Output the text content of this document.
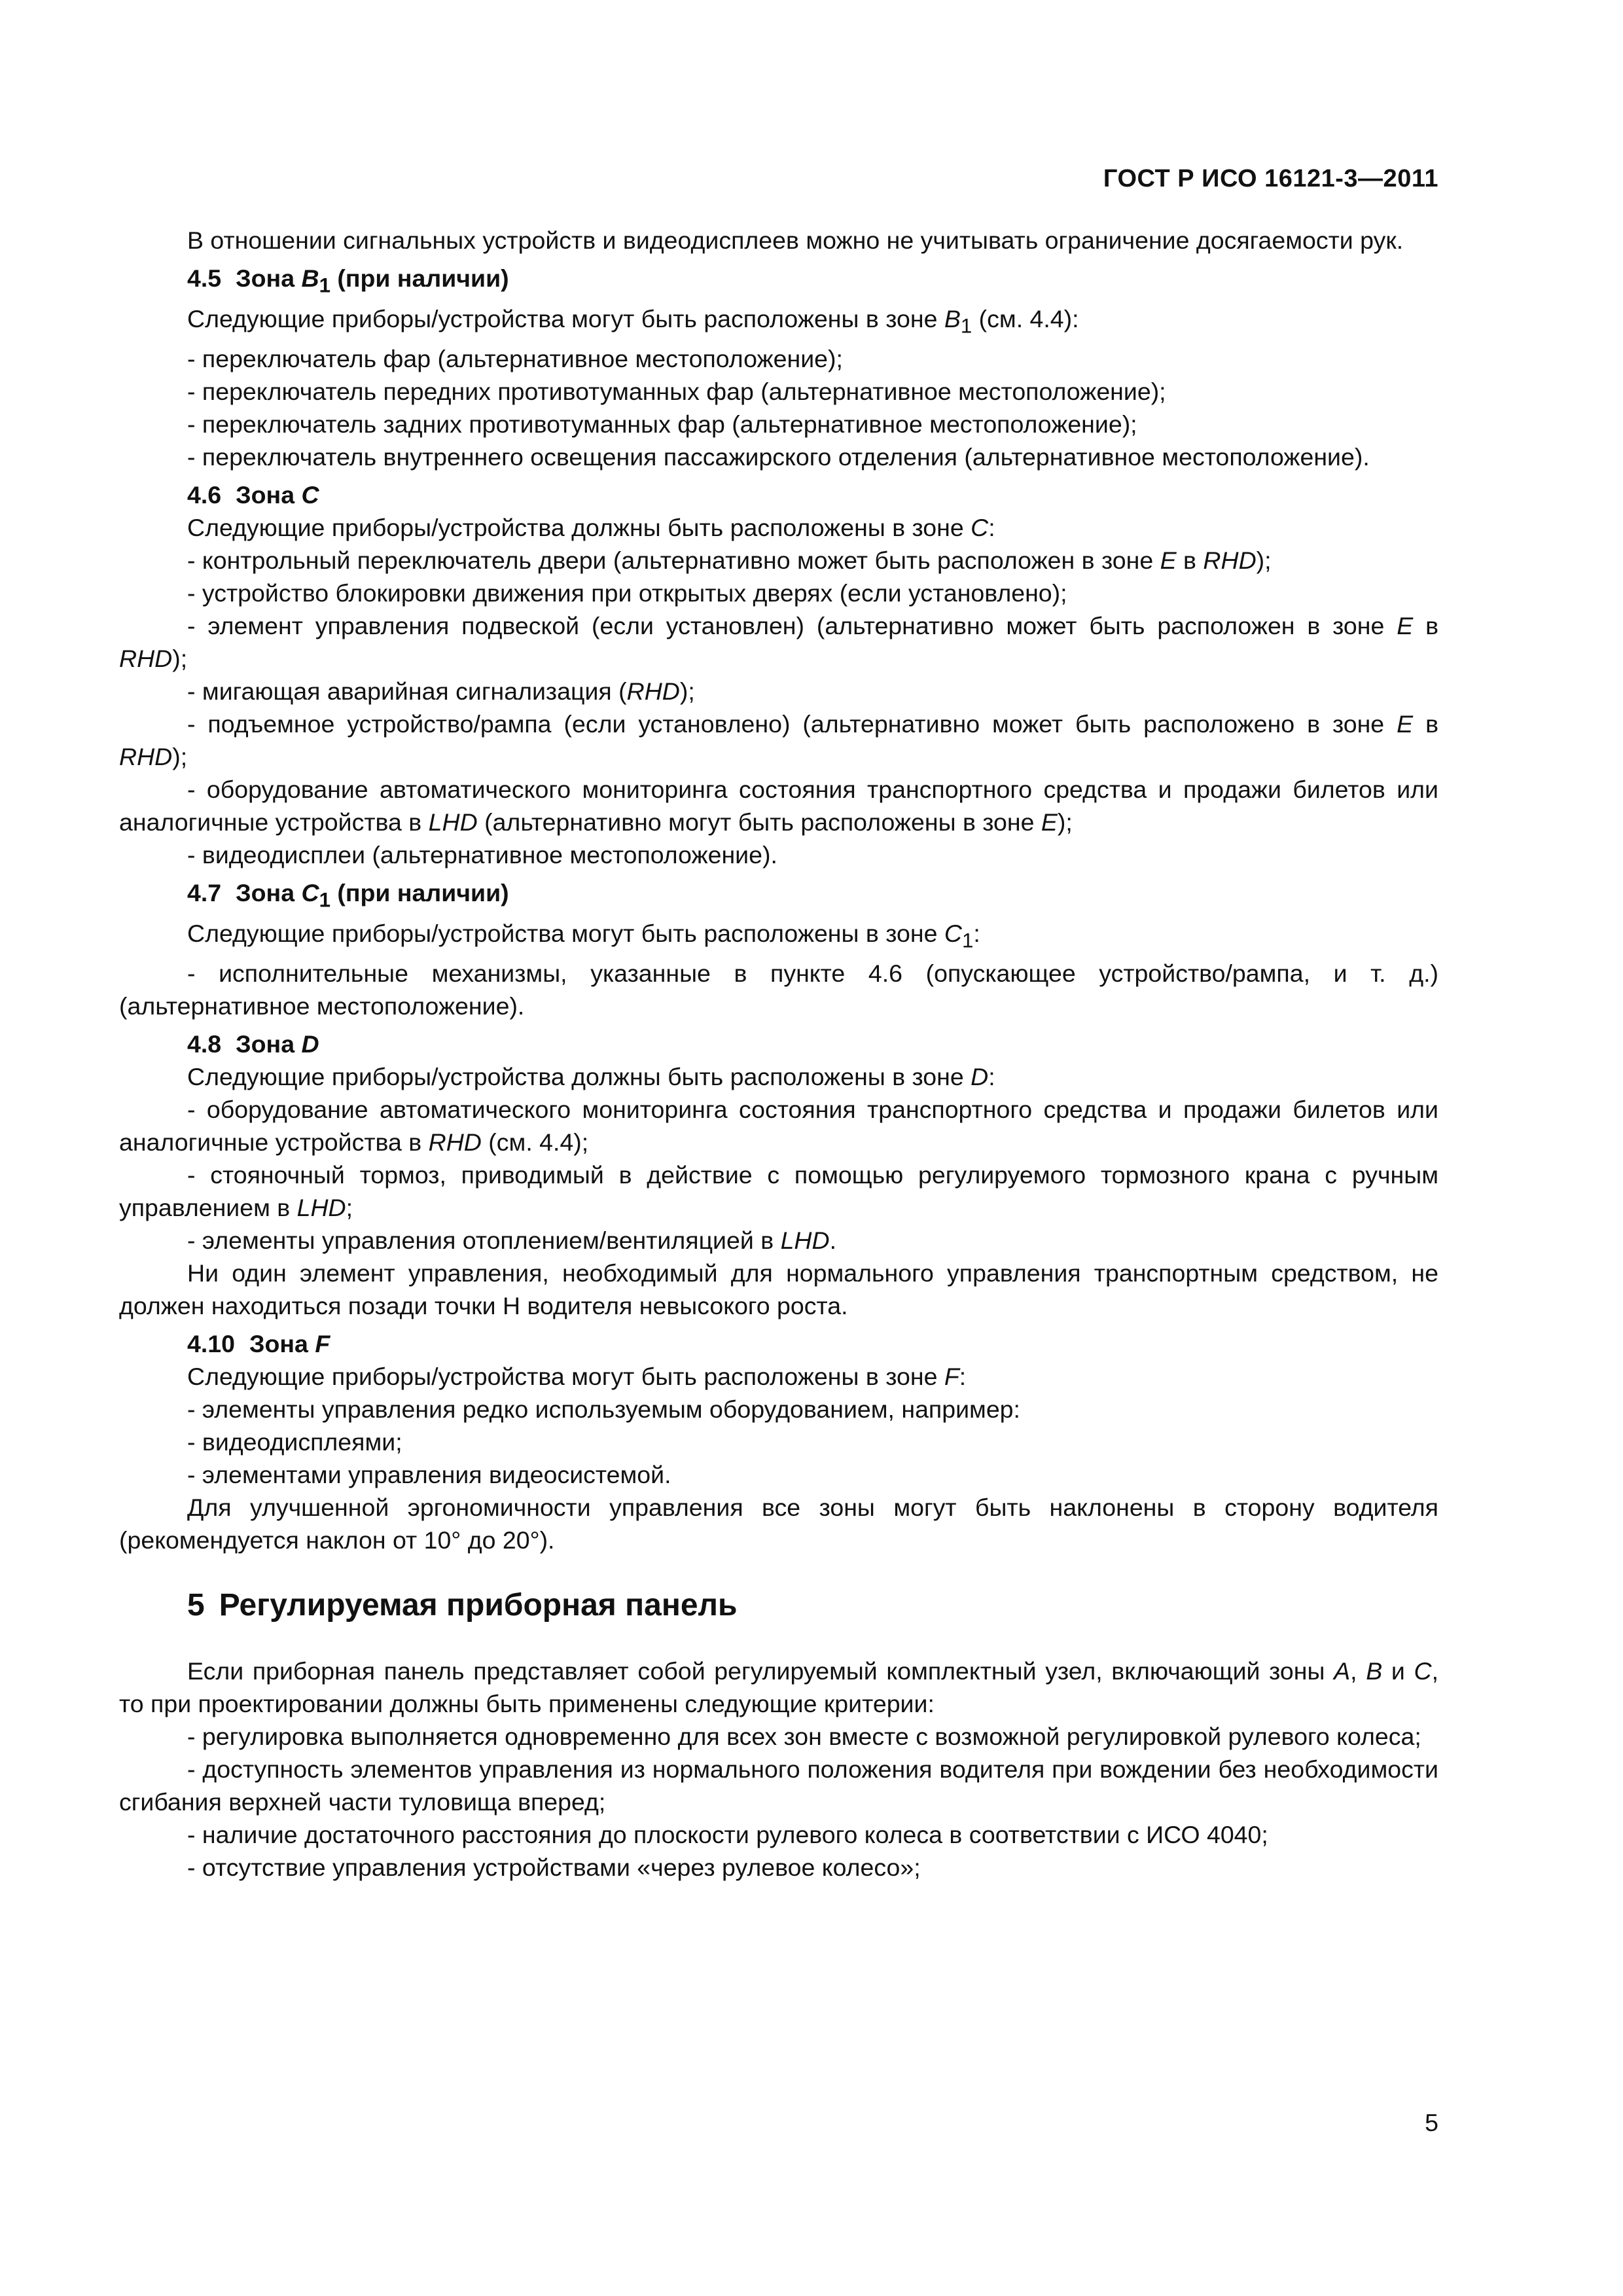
ГОСТ Р ИСО 16121-3—2011

В отношении сигнальных устройств и видеодисплеев можно не учитывать ограничение досягаемости рук.

4.5 Зона $B_1$ (при наличии)

Следующие приборы/устройства могут быть расположены в зоне $B_1$ (см. 4.4):

- переключатель фар (альтернативное местоположение);

- переключатель передних противотуманных фар (альтернативное местоположение);

- переключатель задних противотуманных фар (альтернативное местоположение);

- переключатель внутреннего освещения пассажирского отделения (альтернативное местоположение).

4.6 Зона C

Следующие приборы/устройства должны быть расположены в зоне C:

- контрольный переключатель двери (альтернативно может быть расположен в зоне E в RHD);

- устройство блокировки движения при открытых дверях (если установлено);

- элемент управления подвеской (если установлен) (альтернативно может быть расположен в зоне E в RHD);

- мигающая аварийная сигнализация (RHD);

- подъемное устройство/рампа (если установлено) (альтернативно может быть расположено в зоне E в RHD);

- оборудование автоматического мониторинга состояния транспортного средства и продажи билетов или аналогичные устройства в LHD (альтернативно могут быть расположены в зоне E);

- видеодисплеи (альтернативное местоположение).

4.7 Зона $C_1$ (при наличии)

Следующие приборы/устройства могут быть расположены в зоне $C_1$:

- исполнительные механизмы, указанные в пункте 4.6 (опускающее устройство/рампа, и т. д.) (альтернативное местоположение).

4.8 Зона D

Следующие приборы/устройства должны быть расположены в зоне D:

- оборудование автоматического мониторинга состояния транспортного средства и продажи билетов или аналогичные устройства в RHD (см. 4.4);

- стояночный тормоз, приводимый в действие с помощью регулируемого тормозного крана с ручным управлением в LHD;

- элементы управления отоплением/вентиляцией в LHD.

Ни один элемент управления, необходимый для нормального управления транспортным средством, не должен находиться позади точки H водителя невысокого роста.

4.10 Зона F

Следующие приборы/устройства могут быть расположены в зоне F:

- элементы управления редко используемым оборудованием, например:

- видеодисплеями;

- элементами управления видеосистемой.

Для улучшенной эргономичности управления все зоны могут быть наклонены в сторону водителя (рекомендуется наклон от 10° до 20°).

5 Регулируемая приборная панель

Если приборная панель представляет собой регулируемый комплектный узел, включающий зоны A, B и C, то при проектировании должны быть применены следующие критерии:

- регулировка выполняется одновременно для всех зон вместе с возможной регулировкой рулевого колеса;

- доступность элементов управления из нормального положения водителя при вождении без необходимости сгибания верхней части туловища вперед;

- наличие достаточного расстояния до плоскости рулевого колеса в соответствии с ИСО 4040;

- отсутствие управления устройствами «через рулевое колесо»;

5
